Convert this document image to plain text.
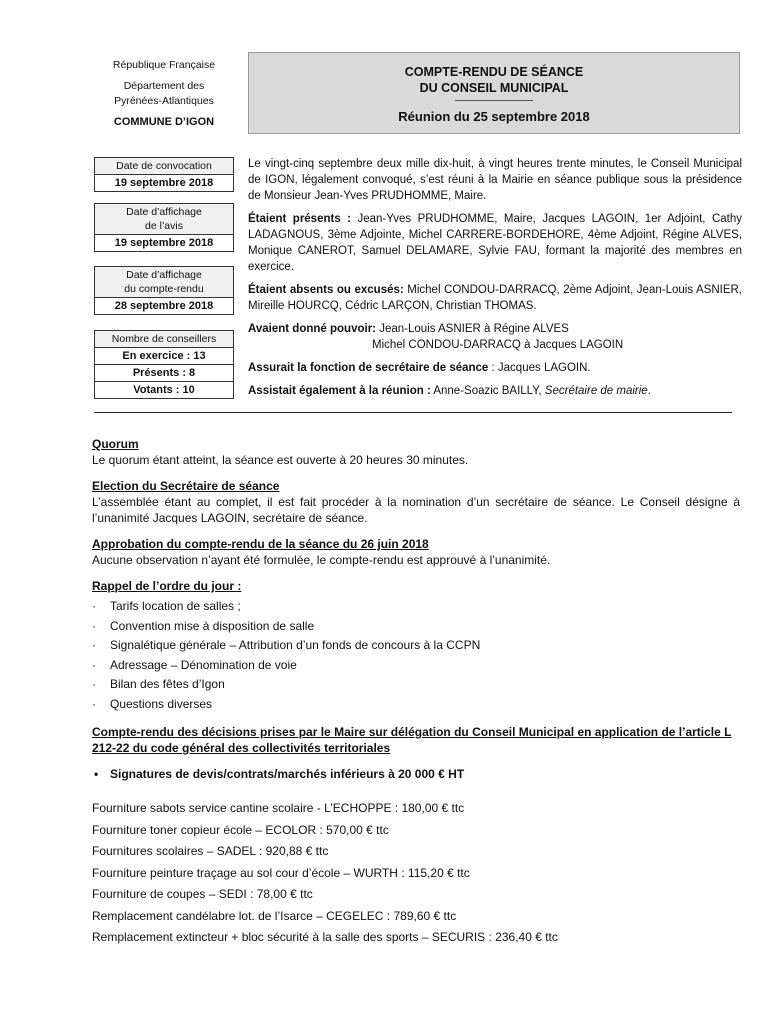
République Française
Département des
Pyrénées-Atlantiques
COMMUNE D’IGON
COMPTE-RENDU DE SÉANCE
DU CONSEIL MUNICIPAL
Réunion du 25 septembre 2018
Date de convocation
19 septembre 2018
Date d’affichage
de l’avis
19 septembre 2018
Date d’affichage
du compte-rendu
28 septembre 2018
Nombre de conseillers
En exercice : 13
Présents : 8
Votants : 10

Le vingt-cinq septembre deux mille dix-huit, à vingt heures trente minutes, le Conseil Municipal de IGON, légalement convoqué, s’est réuni à la Mairie en séance publique sous la présidence de Monsieur Jean-Yves PRUDHOMME, Maire.

Étaient présents : Jean-Yves PRUDHOMME, Maire, Jacques LAGOIN, 1er Adjoint, Cathy LADAGNOUS, 3ème Adjointe, Michel CARRERE-BORDEHORE, 4ème Adjoint, Régine ALVES, Monique CANEROT, Samuel DELAMARE, Sylvie FAU, formant la majorité des membres en exercice.

Étaient absents ou excusés: Michel CONDOU-DARRACQ, 2ème Adjoint, Jean-Louis ASNIER, Mireille HOURCQ, Cédric LARÇON, Christian THOMAS.

Avaient donné pouvoir: Jean-Louis ASNIER à Régine ALVES
Michel CONDOU-DARRACQ à Jacques LAGOIN

Assurait la fonction de secrétaire de séance : Jacques LAGOIN.

Assistait également à la réunion : Anne-Soazic BAILLY, Secrétaire de mairie.

Quorum

Le quorum étant atteint, la séance est ouverte à 20 heures 30 minutes.

Election du Secrétaire de séance

L’assemblée étant au complet, il est fait procéder à la nomination d’un secrétaire de séance. Le Conseil désigne à l’unanimité Jacques LAGOIN, secrétaire de séance.

Approbation du compte-rendu de la séance du 26 juin 2018

Aucune observation n’ayant été formulée, le compte-rendu est approuvé à l’unanimité.

Rappel de l’ordre du jour :
· Tarifs location de salles ;
· Convention mise à disposition de salle
· Signalétique générale – Attribution d’un fonds de concours à la CCPN
· Adressage – Dénomination de voie
· Bilan des fêtes d’Igon
· Questions diverses
Compte-rendu des décisions prises par le Maire sur délégation du Conseil Municipal en application de l’article L 212-22 du code général des collectivités territoriales
• Signatures de devis/contrats/marchés inférieurs à 20 000 € HT
Fourniture sabots service cantine scolaire - L’ECHOPPE : 180,00 € ttc
Fourniture toner copieur école – ECOLOR : 570,00 € ttc
Fournitures scolaires – SADEL : 920,88 € ttc
Fourniture peinture traçage au sol cour d’école – WURTH : 115,20 € ttc
Fourniture de coupes – SEDI : 78,00 € ttc
Remplacement candélabre lot. de l’Isarce – CEGELEC : 789,60 € ttc
Remplacement extincteur + bloc sécurité à la salle des sports – SECURIS : 236,40 € ttc
